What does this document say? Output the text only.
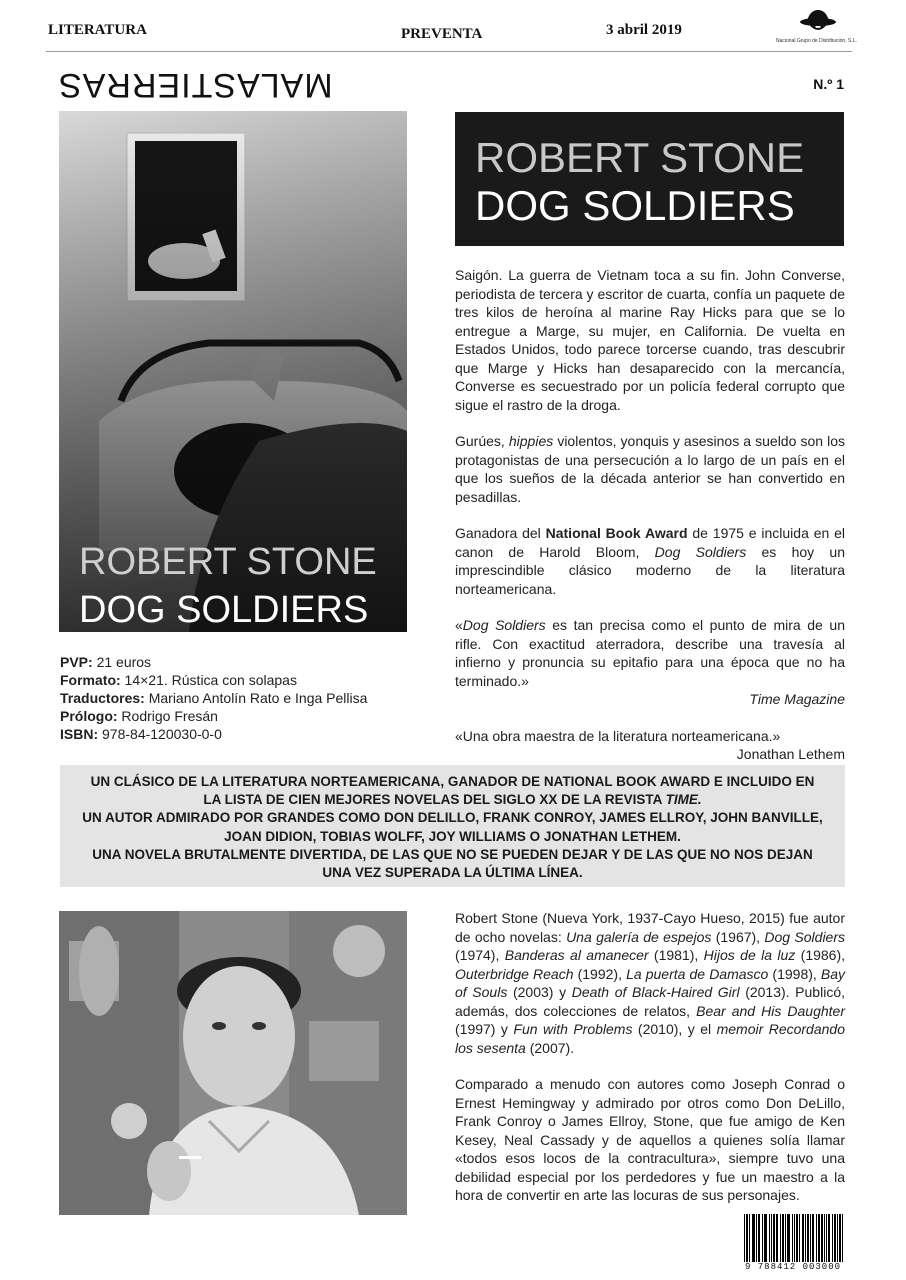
LITERATURA	PREVENTA	3 abril 2019
Nacional Grupo de Distribución, S.L.
MALASTIERRAS	N.º 1
ROBERT STONE
DOG SOLDIERS
ROBERT STONE
DOG SOLDIERS

Saigón. La guerra de Vietnam toca a su fin. John Converse, periodista de tercera y escritor de cuarta, confía un paquete de tres kilos de heroína al marine Ray Hicks para que se lo entregue a Marge, su mujer, en California. De vuelta en Estados Unidos, todo parece torcerse cuando, tras descubrir que Marge y Hicks han desaparecido con la mercancía, Converse es secuestrado por un policía federal corrupto que sigue el rastro de la droga.

Gurúes, hippies violentos, yonquis y asesinos a sueldo son los protagonistas de una persecución a lo largo de un país en el que los sueños de la década anterior se han convertido en pesadillas.

Ganadora del National Book Award de 1975 e incluida en el canon de Harold Bloom, Dog Soldiers es hoy un imprescindible clásico moderno de la literatura norteamericana.

«Dog Soldiers es tan precisa como el punto de mira de un rifle. Con exactitud aterradora, describe una travesía al infierno y pronuncia su epitafio para una época que no ha terminado.»

Time Magazine

«Una obra maestra de la literatura norteamericana.»

Jonathan Lethem

PVP: 21 euros
Formato: 14×21. Rústica con solapas
Traductores: Mariano Antolín Rato e Inga Pellisa
Prólogo: Rodrigo Fresán
ISBN: 978-84-120030-0-0
UN CLÁSICO DE LA LITERATURA NORTEAMERICANA, GANADOR DE NATIONAL BOOK AWARD E INCLUIDO EN LA LISTA DE CIEN MEJORES NOVELAS DEL SIGLO XX DE LA REVISTA TIME.
UN AUTOR ADMIRADO POR GRANDES COMO DON DELILLO, FRANK CONROY, JAMES ELLROY, JOHN BANVILLE, JOAN DIDION, TOBIAS WOLFF, JOY WILLIAMS O JONATHAN LETHEM.
UNA NOVELA BRUTALMENTE DIVERTIDA, DE LAS QUE NO SE PUEDEN DEJAR Y DE LAS QUE NO NOS DEJAN UNA VEZ SUPERADA LA ÚLTIMA LÍNEA.

Robert Stone (Nueva York, 1937-Cayo Hueso, 2015) fue autor de ocho novelas: Una galería de espejos (1967), Dog Soldiers (1974), Banderas al amanecer (1981), Hijos de la luz (1986), Outerbridge Reach (1992), La puerta de Damasco (1998), Bay of Souls (2003) y Death of Black-Haired Girl (2013). Publicó, además, dos colecciones de relatos, Bear and His Daughter (1997) y Fun with Problems (2010), y el memoir Recordando los sesenta (2007).

Comparado a menudo con autores como Joseph Conrad o Ernest Hemingway y admirado por otros como Don DeLillo, Frank Conroy o James Ellroy, Stone, que fue amigo de Ken Kesey, Neal Cassady y de aquellos a quienes solía llamar «todos esos locos de la contracultura», siempre tuvo una debilidad especial por los perdedores y fue un maestro a la hora de convertir en arte las locuras de sus personajes.

9 788412 003000
